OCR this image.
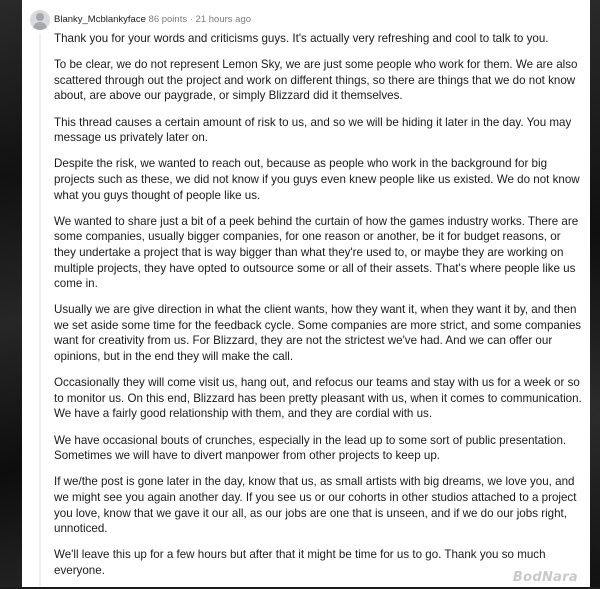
Blanky_Mcblankyface 86 points · 21 hours ago

Thank you for your words and criticisms guys. It's actually very refreshing and cool to talk to you.

To be clear, we do not represent Lemon Sky, we are just some people who work for them. We are also scattered through out the project and work on different things, so there are things that we do not know about, are above our paygrade, or simply Blizzard did it themselves.

This thread causes a certain amount of risk to us, and so we will be hiding it later in the day. You may message us privately later on.

Despite the risk, we wanted to reach out, because as people who work in the background for big projects such as these, we did not know if you guys even knew people like us existed. We do not know what you guys thought of people like us.

We wanted to share just a bit of a peek behind the curtain of how the games industry works. There are some companies, usually bigger companies, for one reason or another, be it for budget reasons, or they undertake a project that is way bigger than what they're used to, or maybe they are working on multiple projects, they have opted to outsource some or all of their assets. That's where people like us come in.

Usually we are give direction in what the client wants, how they want it, when they want it by, and then we set aside some time for the feedback cycle. Some companies are more strict, and some companies want for creativity from us. For Blizzard, they are not the strictest we've had. And we can offer our opinions, but in the end they will make the call.

Occasionally they will come visit us, hang out, and refocus our teams and stay with us for a week or so to monitor us. On this end, Blizzard has been pretty pleasant with us, when it comes to communication. We have a fairly good relationship with them, and they are cordial with us.

We have occasional bouts of crunches, especially in the lead up to some sort of public presentation. Sometimes we will have to divert manpower from other projects to keep up.

If we/the post is gone later in the day, know that us, as small artists with big dreams, we love you, and we might see you again another day. If you see us or our cohorts in other studios attached to a project you love, know that we gave it our all, as our jobs are one that is unseen, and if we do our jobs right, unnoticed.

We'll leave this up for a few hours but after that it might be time for us to go. Thank you so much everyone.	BodNara
